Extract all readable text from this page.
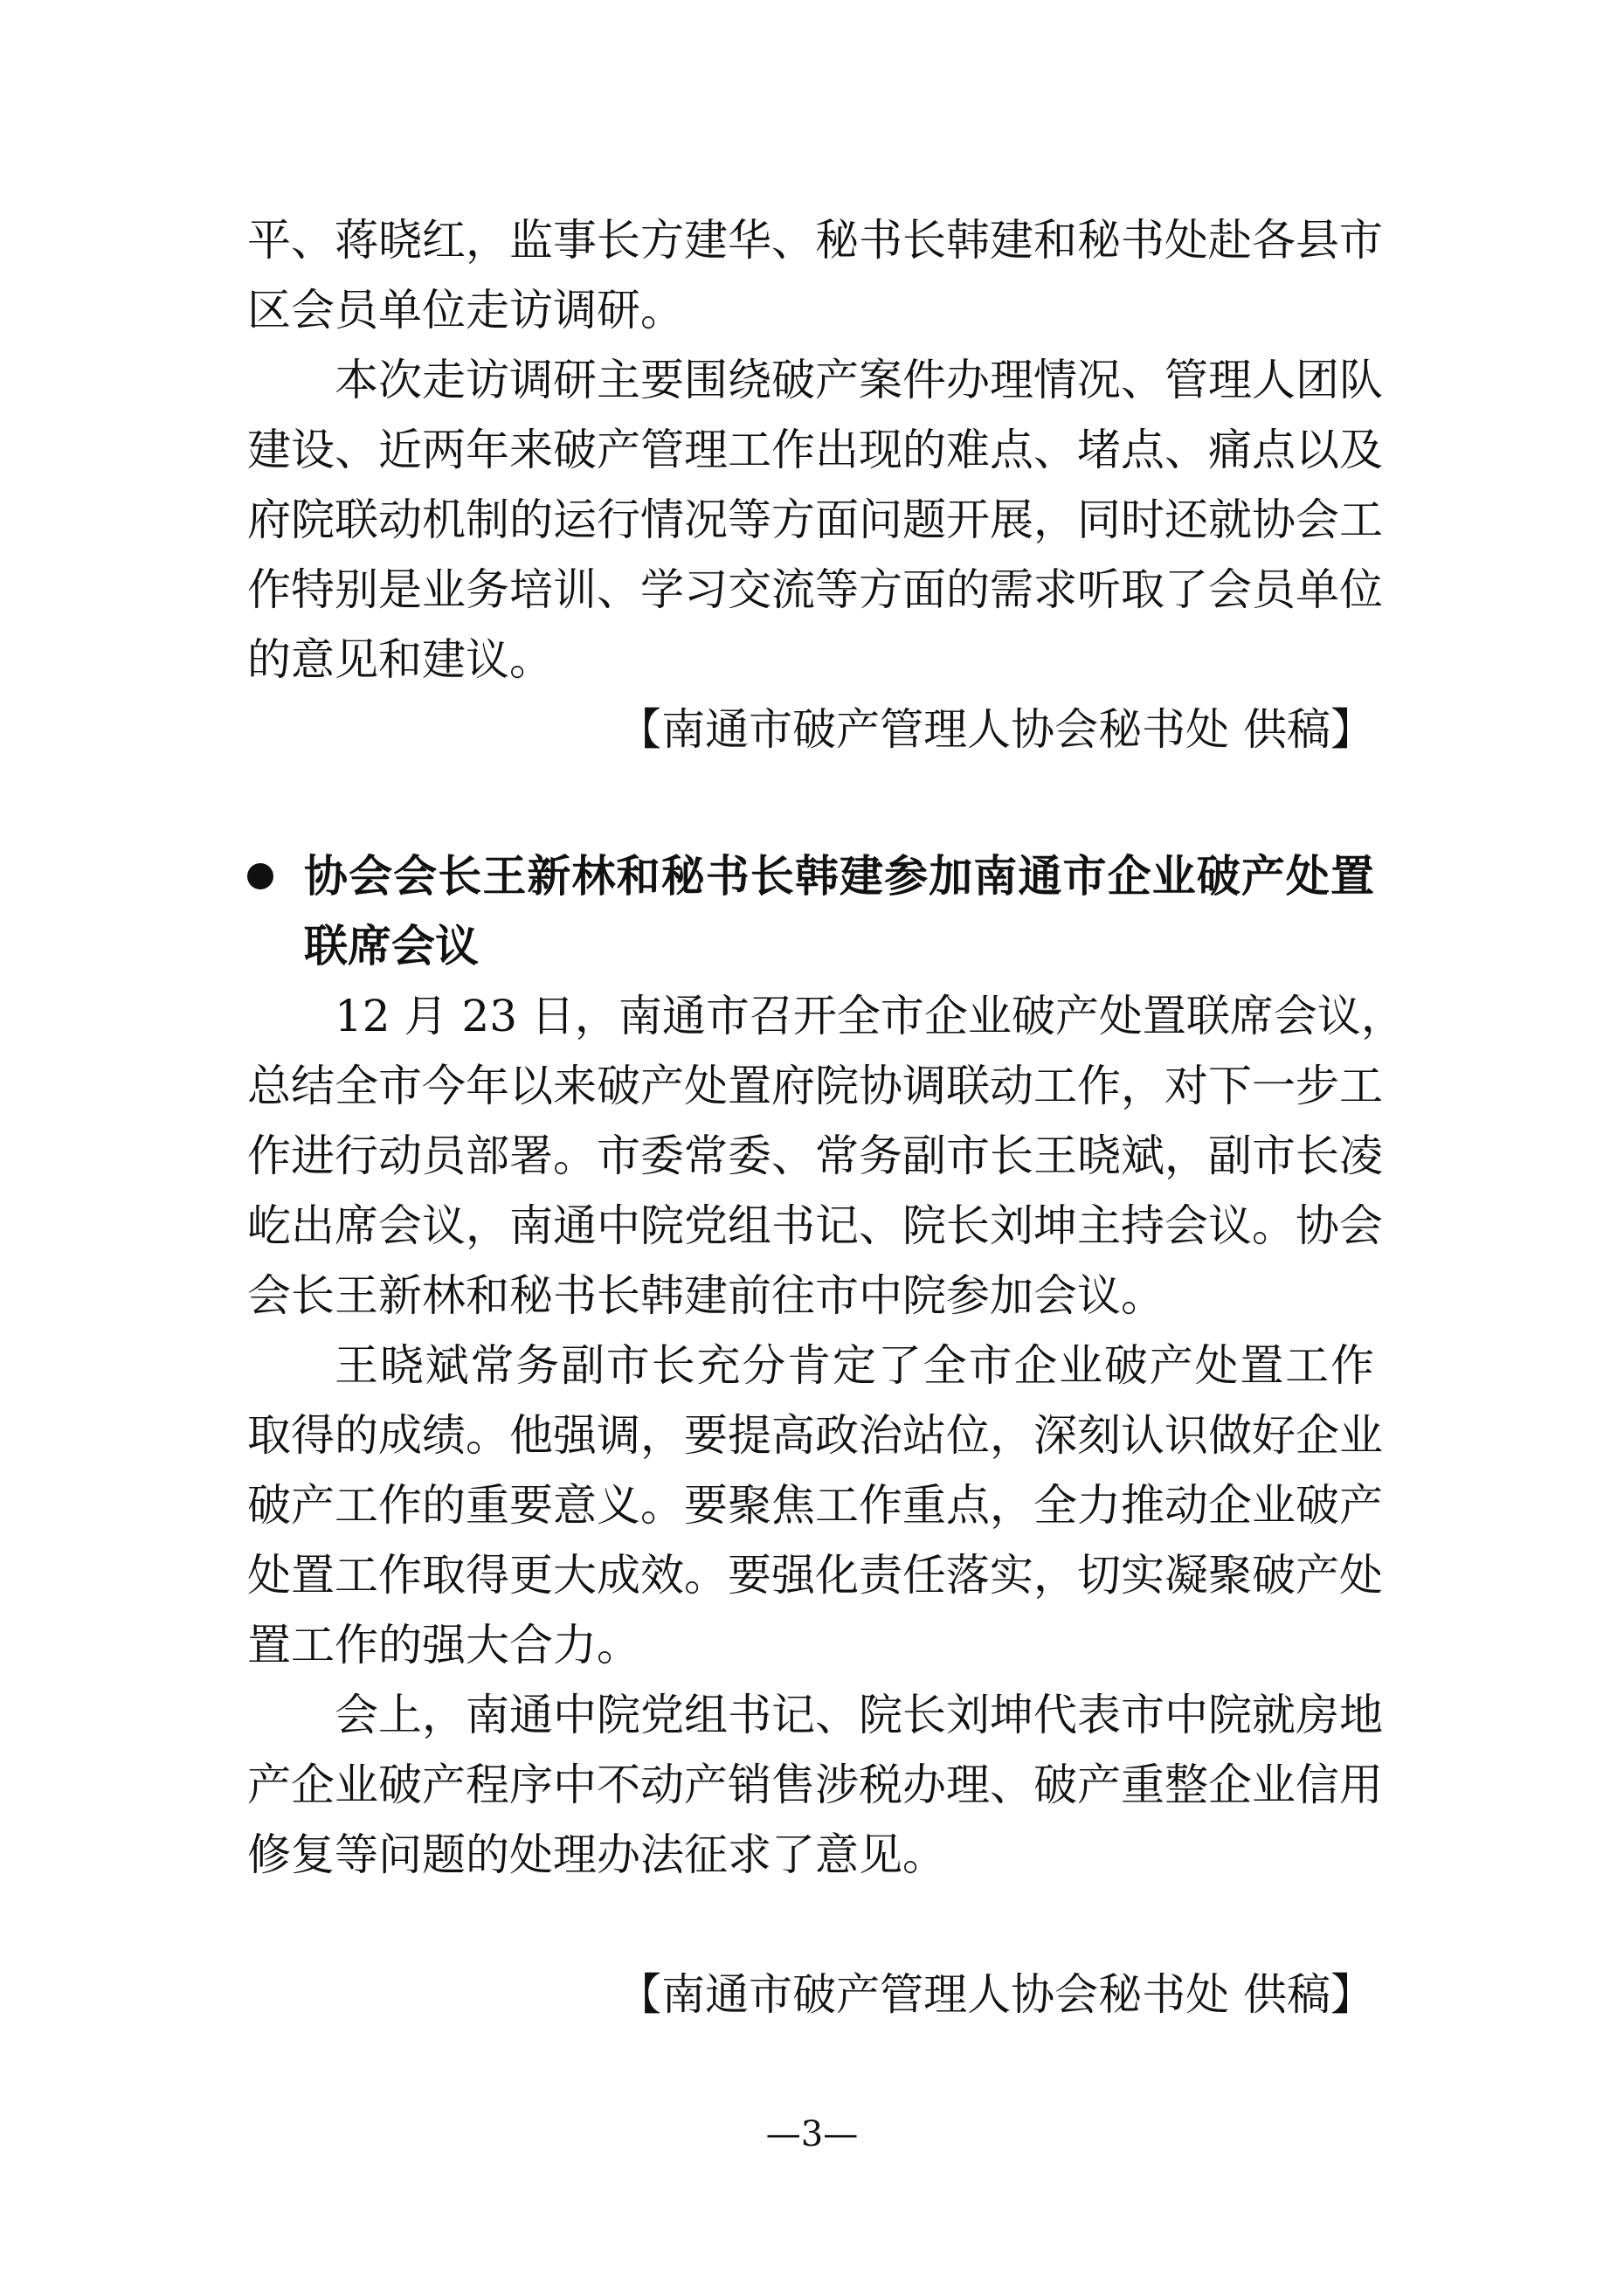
平、蒋晓红，监事长方建华、秘书长韩建和秘书处赴各县市
区会员单位走访调研。
本次走访调研主要围绕破产案件办理情况、管理人团队
建设、近两年来破产管理工作出现的难点、堵点、痛点以及
府院联动机制的运行情况等方面问题开展，同时还就协会工
作特别是业务培训、学习交流等方面的需求听取了会员单位
的意见和建议。
【南通市破产管理人协会秘书处 供稿】
协会会长王新林和秘书长韩建参加南通市企业破产处置
联席会议
12 月 23 日，南通市召开全市企业破产处置联席会议，
总结全市今年以来破产处置府院协调联动工作，对下一步工
作进行动员部署。市委常委、常务副市长王晓斌，副市长凌
屹出席会议，南通中院党组书记、院长刘坤主持会议。协会
会长王新林和秘书长韩建前往市中院参加会议。
王晓斌常务副市长充分肯定了全市企业破产处置工作
取得的成绩。他强调，要提高政治站位，深刻认识做好企业
破产工作的重要意义。要聚焦工作重点，全力推动企业破产
处置工作取得更大成效。要强化责任落实，切实凝聚破产处
置工作的强大合力。
会上，南通中院党组书记、院长刘坤代表市中院就房地
产企业破产程序中不动产销售涉税办理、破产重整企业信用
修复等问题的处理办法征求了意见。
【南通市破产管理人协会秘书处 供稿】
—3—
